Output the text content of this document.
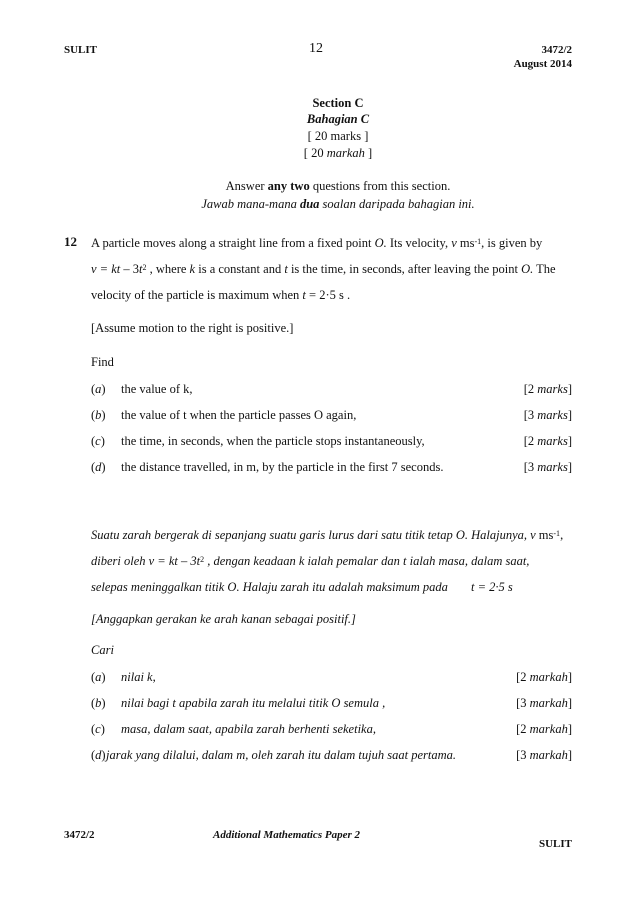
SULIT	12	3472/2
August 2014
Section C
Bahagian C
[ 20 marks ]
[ 20 markah ]
Answer any two questions from this section.
Jawab mana-mana dua soalan daripada bahagian ini.
12 A particle moves along a straight line from a fixed point O. Its velocity, v $ms^{-1}$, is given by
v = kt – $3t^2$ , where k is a constant and t is the time, in seconds, after leaving the point O. The
velocity of the particle is maximum when t = 2·5 s .
[Assume motion to the right is positive.]
Find
(a) the value of k,	[2 marks]
(b) the value of t when the particle passes O again,	[3 marks]
(c) the time, in seconds, when the particle stops instantaneously,	[2 marks]
(d) the distance travelled, in m, by the particle in the first 7 seconds.	[3 marks]
Suatu zarah bergerak di sepanjang suatu garis lurus dari satu titik tetap O. Halajunya, v $ms^{-1}$,
diberi oleh v = kt – $3t^2$ , dengan keadaan k ialah pemalar dan t ialah masa, dalam saat,
selepas meninggalkan titik O. Halaju zarah itu adalah maksimum pada t = 2·5 s
[Anggapkan gerakan ke arah kanan sebagai positif.]
Cari
(a) nilai k,	[2 markah]
(b) nilai bagi t apabila zarah itu melalui titik O semula ,	[3 markah]
(c) masa, dalam saat, apabila zarah berhenti seketika,	[2 markah]
(d) jarak yang dilalui, dalam m, oleh zarah itu dalam tujuh saat pertama.	[3 markah]
3472/2	Additional Mathematics Paper 2
SULIT
